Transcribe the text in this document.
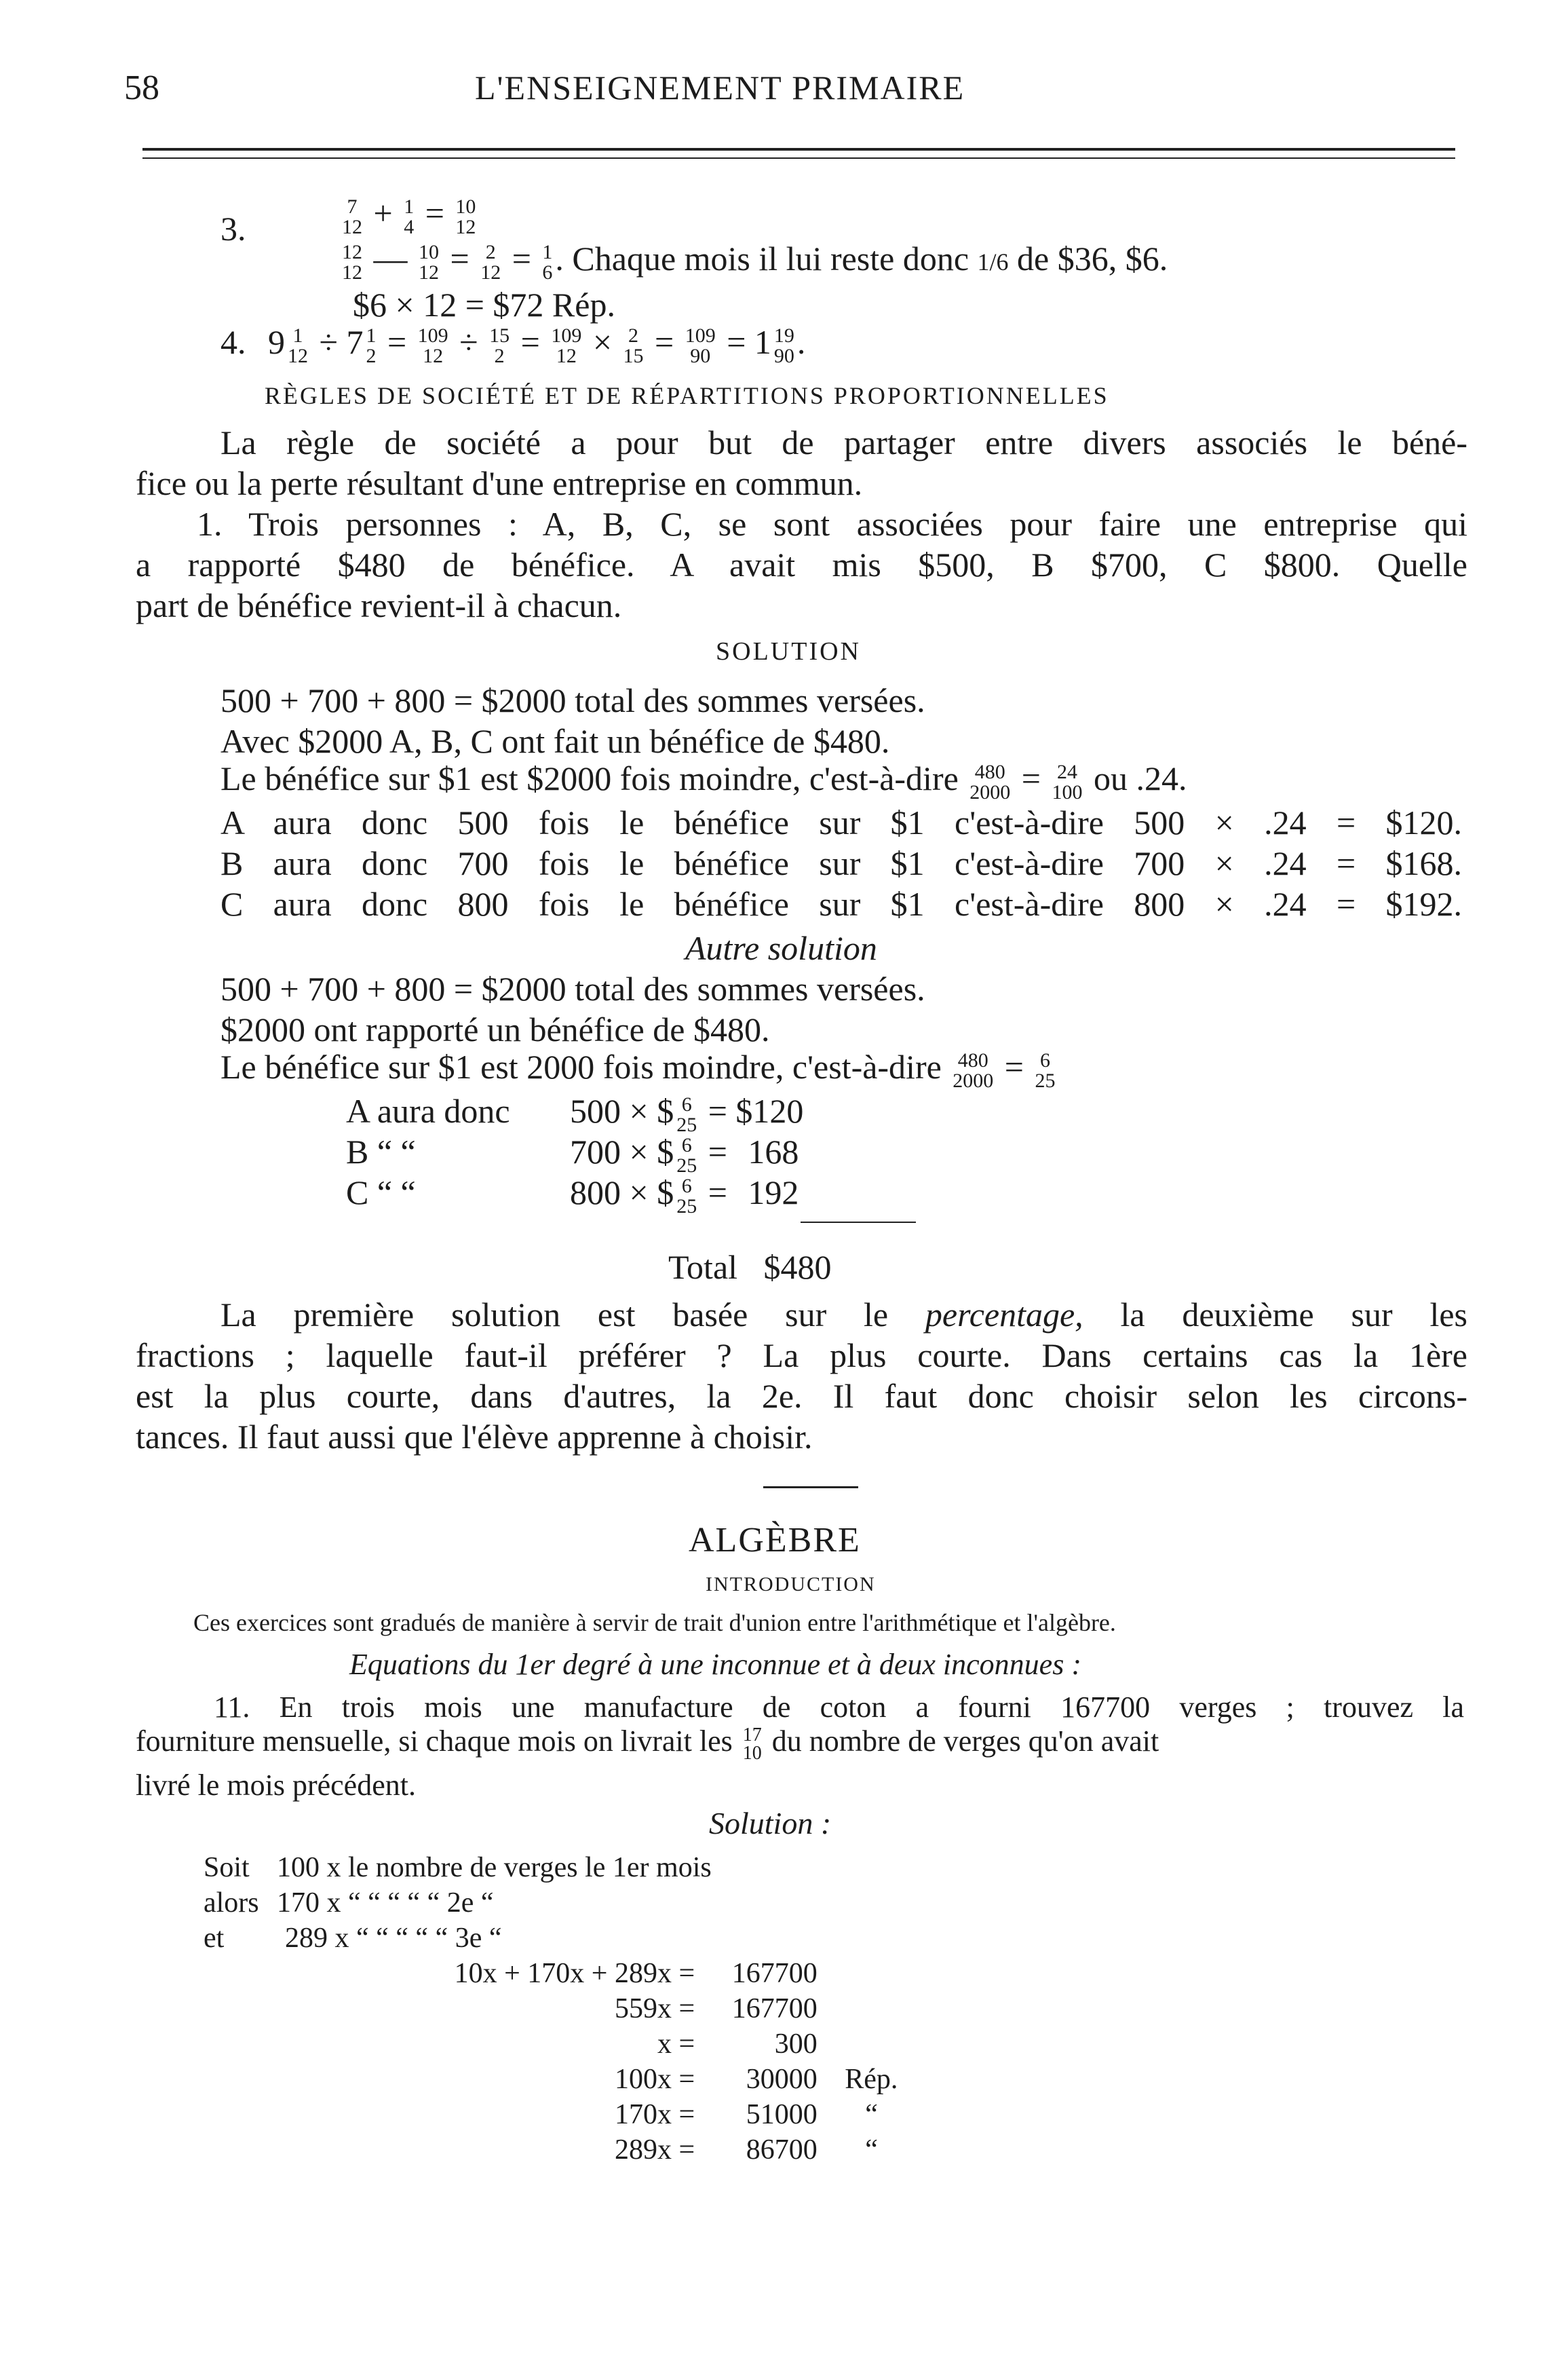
58	L'ENSEIGNEMENT PRIMAIRE
3.
7
12 + 1
4 = 10
12
12
12 — 10
12 = 2
12 = 1
6 . Chaque mois il lui reste donc 1/6 de $36, $6.
$6 × 12 = $72 Rép.
4. 9 1
12 ÷ 7 1
2 = 109
12 ÷ 15
2 = 109
12 × 2
15 = 109
90 = 1 19
90 .
RÈGLES DE SOCIÉTÉ ET DE RÉPARTITIONS PROPORTIONNELLES
La règle de société a pour but de partager entre divers associés le béné-
fice ou la perte résultant d'une entreprise en commun.
1. Trois personnes : A, B, C, se sont associées pour faire une entreprise qui
a rapporté $480 de bénéfice. A avait mis $500, B $700, C $800. Quelle
part de bénéfice revient-il à chacun.
SOLUTION
500 + 700 + 800 = $2000 total des sommes versées.
Avec $2000 A, B, C ont fait un bénéfice de $480.
Le bénéfice sur $1 est $2000 fois moindre, c'est-à-dire 480
2000 = 24
100 ou .24.
A aura donc 500 fois le bénéfice sur $1 c'est-à-dire 500 × .24 = $120.
B aura donc 700 fois le bénéfice sur $1 c'est-à-dire 700 × .24 = $168.
C aura donc 800 fois le bénéfice sur $1 c'est-à-dire 800 × .24 = $192.
Autre solution
500 + 700 + 800 = $2000 total des sommes versées.
$2000 ont rapporté un bénéfice de $480.
Le bénéfice sur $1 est 2000 fois moindre, c'est-à-dire 480
2000 = 6
25
A aura donc 500 × $ 6
25 = $120
B “ “	700 × $ 6
25 = 168
C “ “	800 × $ 6
25 = 192
Total $480
La première solution est basée sur le percentage, la deuxième sur les
fractions ; laquelle faut-il préférer ? La plus courte. Dans certains cas la 1ère
est la plus courte, dans d'autres, la 2e. Il faut donc choisir selon les circons-
tances. Il faut aussi que l'élève apprenne à choisir.
ALGÈBRE
INTRODUCTION
Ces exercices sont gradués de manière à servir de trait d'union entre l'arithmétique et l'algèbre.
Equations du 1er degré à une inconnue et à deux inconnues :
11. En trois mois une manufacture de coton a fourni 167700 verges ; trouvez la
fourniture mensuelle, si chaque mois on livrait les 17
10 du nombre de verges qu'on avait
livré le mois précédent.
Solution :
Soit 100 x le nombre de verges le 1er mois
alors 170 x “ “ “ “ “ 2e “
et 289 x “ “ “ “ “ 3e “
10x + 170x + 289x = 167700
559x = 167700
x =	300
100x = 30000 Rép.
170x = 51000 “
289x = 86700 “
